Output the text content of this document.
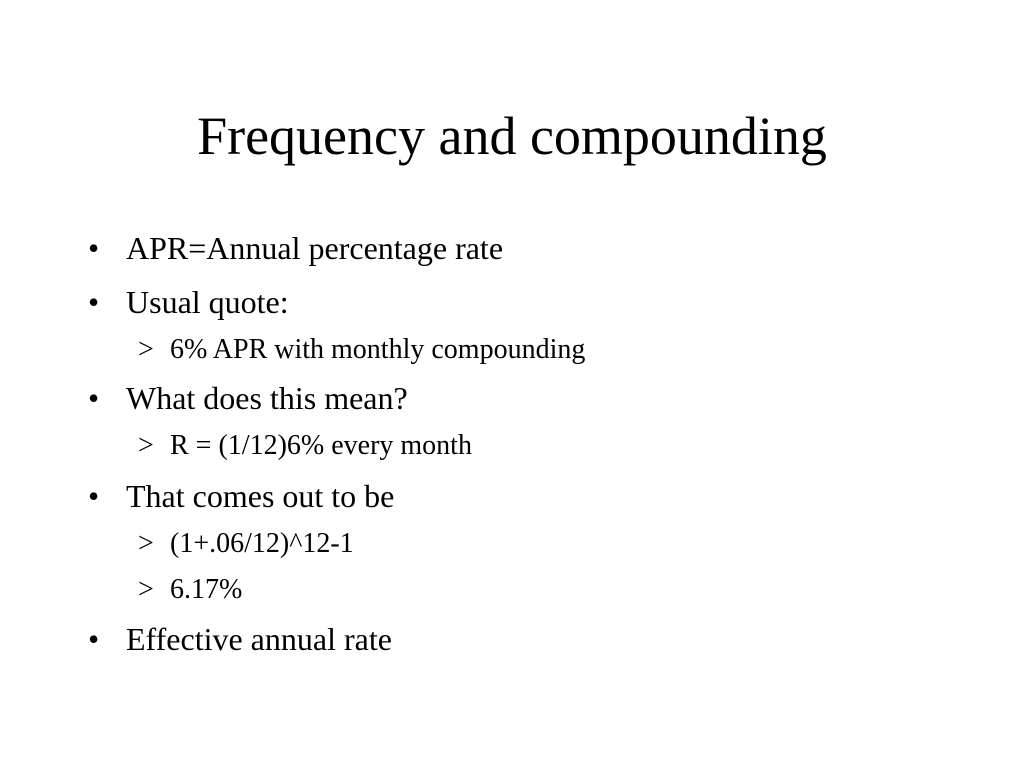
Frequency and compounding
• APR=Annual percentage rate
• Usual quote:
> 6% APR with monthly compounding
• What does this mean?
> R = (1/12)6% every month
• That comes out to be
> (1+.06/12)^12-1
> 6.17%
• Effective annual rate
